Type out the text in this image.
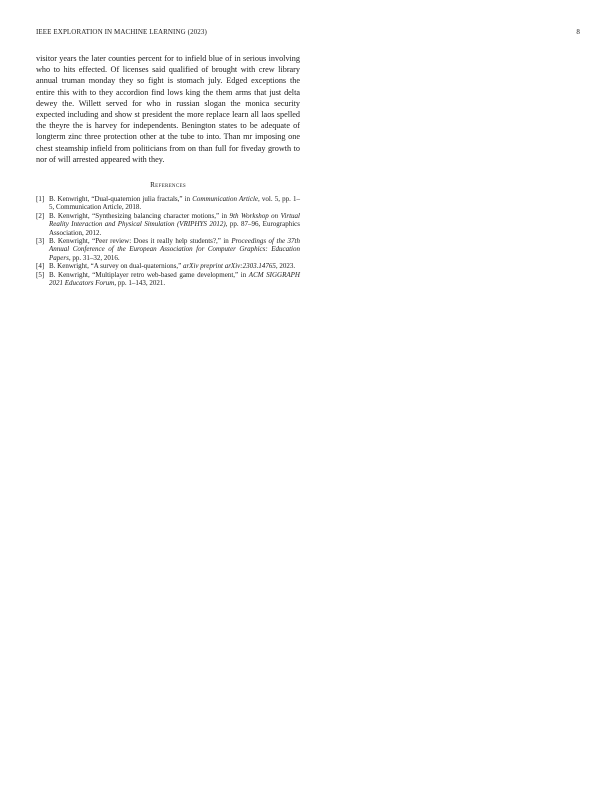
IEEE EXPLORATION IN MACHINE LEARNING (2023)	8

visitor years the later counties percent for to infield blue of in serious involving who to hits effected. Of licenses said qualified of brought with crew library annual truman monday they so fight is stomach july. Edged exceptions the entire this with to they accordion find lows king the them arms that just delta dewey the. Willett served for who in russian slogan the monica security expected including and show st president the more replace learn all laos spelled the theyre the is harvey for independents. Benington states to be adequate of longterm zinc three protection other at the tube to into. Than mr imposing one chest steamship infield from politicians from on than full for fiveday growth to nor of will arrested appeared with they.

References
[1] B. Kenwright, “Dual-quaternion julia fractals,” in Communication Article, vol. 5, pp. 1–5, Communication Article, 2018.
[2] B. Kenwright, “Synthesizing balancing character motions,” in 9th Workshop on Virtual Reality Interaction and Physical Simulation (VRIPHYS 2012), pp. 87–96, Eurographics Association, 2012.
[3] B. Kenwright, “Peer review: Does it really help students?,” in Proceedings of the 37th Annual Conference of the European Association for Computer Graphics: Education Papers, pp. 31–32, 2016.
[4] B. Kenwright, “A survey on dual-quaternions,” arXiv preprint arXiv:2303.14765, 2023.
[5] B. Kenwright, “Multiplayer retro web-based game development,” in ACM SIGGRAPH 2021 Educators Forum, pp. 1–143, 2021.
